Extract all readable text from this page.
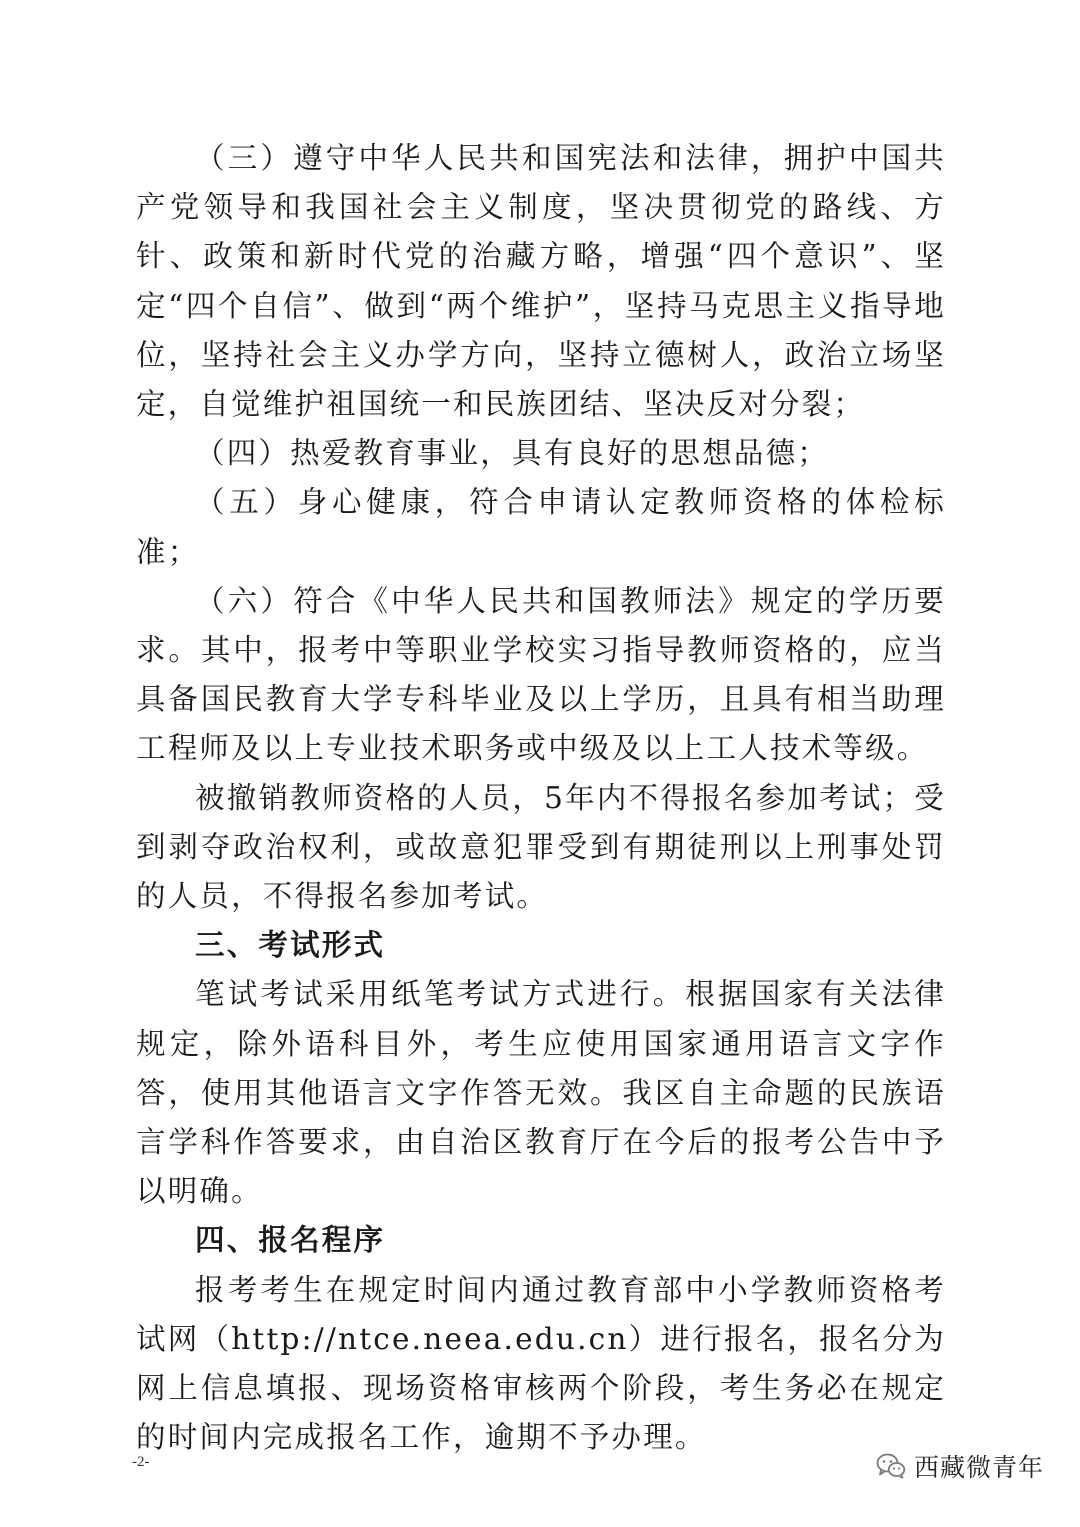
（三）遵守中华人民共和国宪法和法律，拥护中国共产党领导和我国社会主义制度，坚决贯彻党的路线、方针、政策和新时代党的治藏方略，增强“四个意识”、坚定“四个自信”、做到“两个维护”，坚持马克思主义指导地位，坚持社会主义办学方向，坚持立德树人，政治立场坚定，自觉维护祖国统一和民族团结、坚决反对分裂；

（四）热爱教育事业，具有良好的思想品德；

（五）身心健康，符合申请认定教师资格的体检标准；

（六）符合《中华人民共和国教师法》规定的学历要求。其中，报考中等职业学校实习指导教师资格的，应当具备国民教育大学专科毕业及以上学历，且具有相当助理工程师及以上专业技术职务或中级及以上工人技术等级。

被撤销教师资格的人员，5年内不得报名参加考试；受到剥夺政治权利，或故意犯罪受到有期徒刑以上刑事处罚的人员，不得报名参加考试。

三、考试形式

笔试考试采用纸笔考试方式进行。根据国家有关法律规定，除外语科目外，考生应使用国家通用语言文字作答，使用其他语言文字作答无效。我区自主命题的民族语言学科作答要求，由自治区教育厅在今后的报考公告中予以明确。

四、报名程序

报考考生在规定时间内通过教育部中小学教师资格考试网（http://ntce.neea.edu.cn）进行报名，报名分为网上信息填报、现场资格审核两个阶段，考生务必在规定的时间内完成报名工作，逾期不予办理。

-2-	西藏微青年
